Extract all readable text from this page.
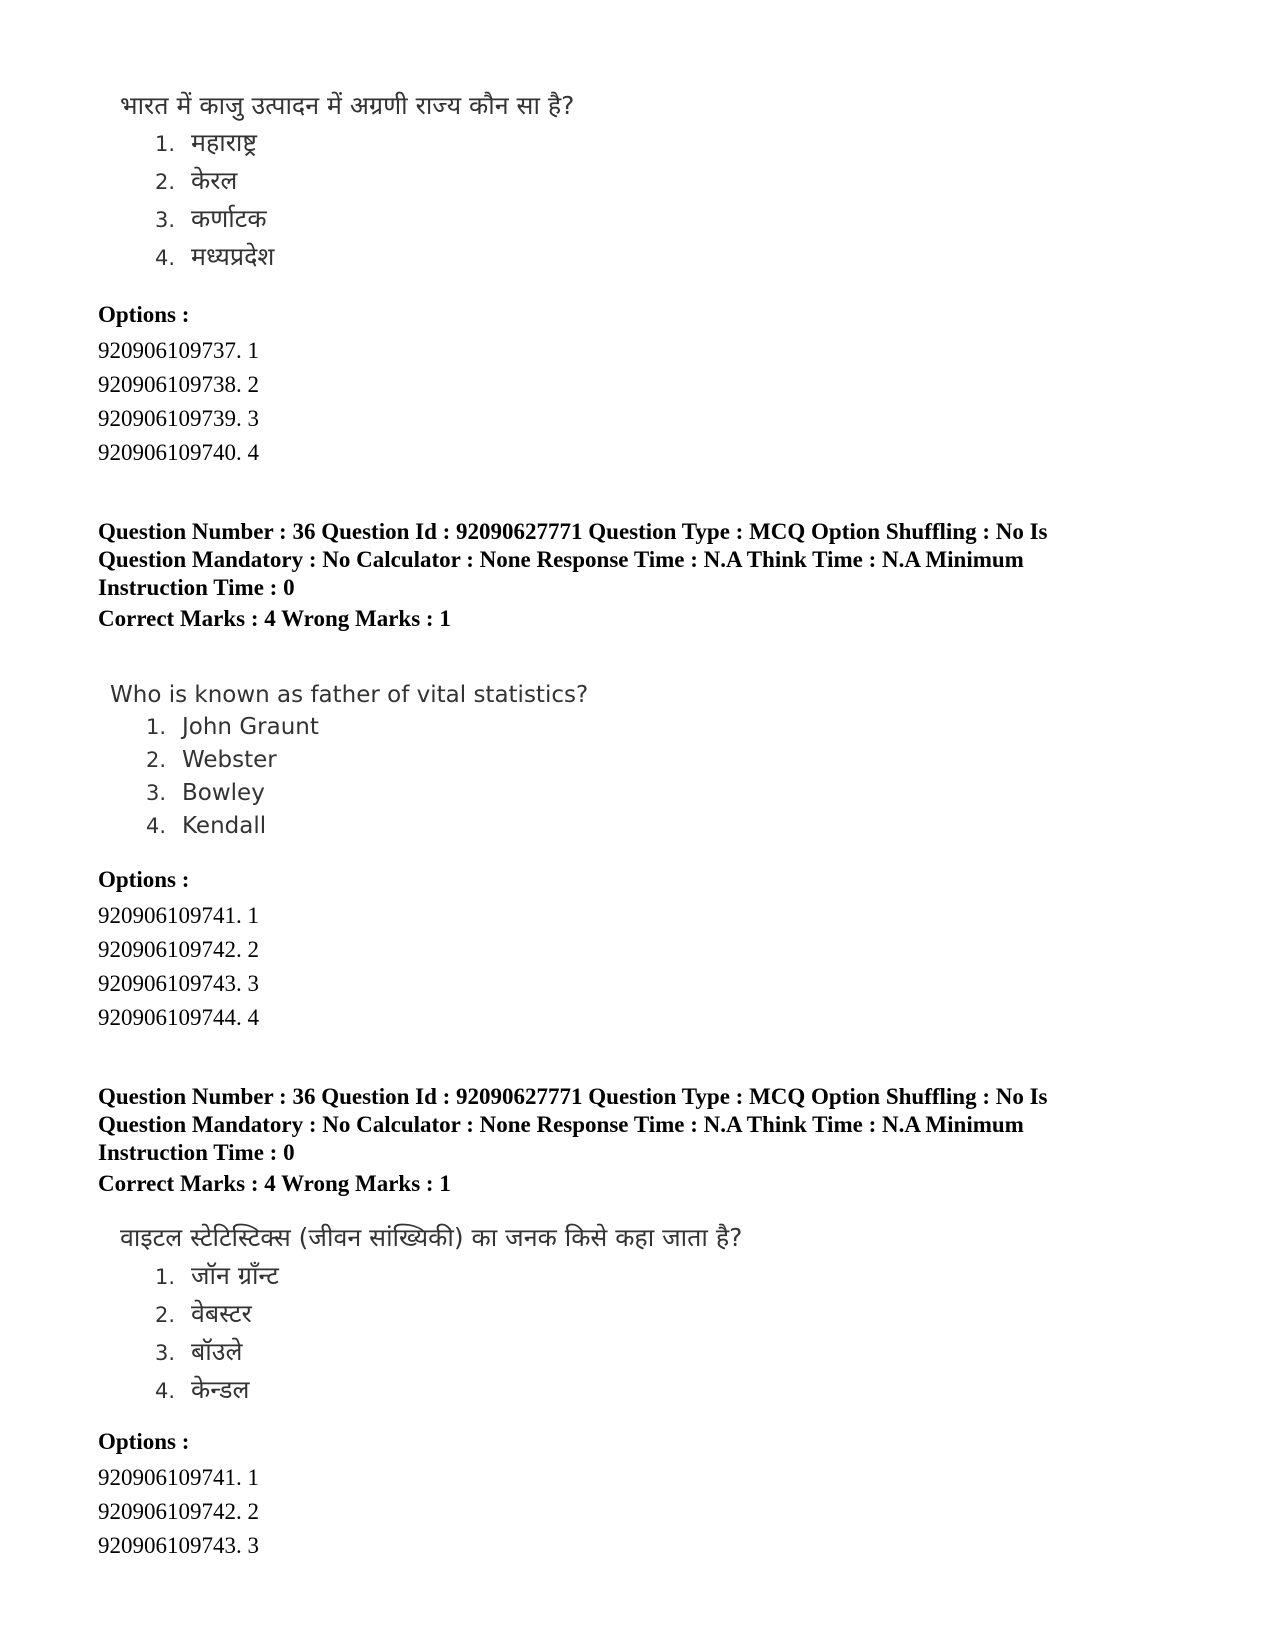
भारत में काजु उत्पादन में अग्रणी राज्य कौन सा है?
1. महाराष्ट्र
2. केरल
3. कर्णाटक
4. मध्यप्रदेश
Options :
920906109737. 1
920906109738. 2
920906109739. 3
920906109740. 4
Question Number : 36 Question Id : 92090627771 Question Type : MCQ Option Shuffling : No Is
Question Mandatory : No Calculator : None Response Time : N.A Think Time : N.A Minimum
Instruction Time : 0
Correct Marks : 4 Wrong Marks : 1
Who is known as father of vital statistics?
1. John Graunt
2. Webster
3. Bowley
4. Kendall
Options :
920906109741. 1
920906109742. 2
920906109743. 3
920906109744. 4
Question Number : 36 Question Id : 92090627771 Question Type : MCQ Option Shuffling : No Is
Question Mandatory : No Calculator : None Response Time : N.A Think Time : N.A Minimum
Instruction Time : 0
Correct Marks : 4 Wrong Marks : 1
वाइटल स्टेटिस्टिक्स (जीवन सांख्यिकी) का जनक किसे कहा जाता है?
1. जॉन ग्राँन्ट
2. वेबस्टर
3. बॉउले
4. केन्डल
Options :
920906109741. 1
920906109742. 2
920906109743. 3
